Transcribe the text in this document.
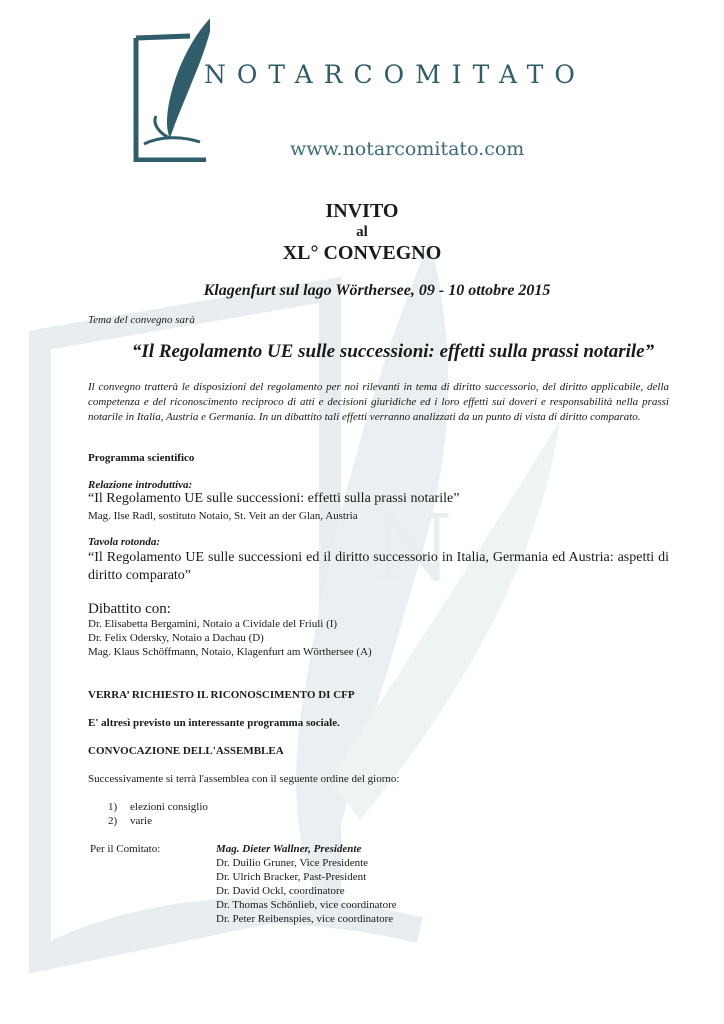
N
NOTARCOMITATO
www.notarcomitato.com
INVITO
al
XL° CONVEGNO
Klagenfurt sul lago Wörthersee, 09 - 10 ottobre 2015
Tema del convegno sarà
“Il Regolamento UE sulle successioni: effetti sulla prassi notarile”
Il convegno tratterà le disposizioni del regolamento per noi rilevanti in tema di diritto successorio, del diritto applicabile, della competenza e del riconoscimento reciproco di atti e decisioni giuridiche ed i loro effetti sui doveri e responsabilità nella prassi notarile in Italia, Austria e Germania. In un dibattito tali effetti verranno analizzati da un punto di vista di diritto comparato.
Programma scientifico
Relazione introduttiva:
“Il Regolamento UE sulle successioni: effetti sulla prassi notarile”
Mag. Ilse Radl, sostituto Notaio, St. Veit an der Glan, Austria
Tavola rotonda:
“Il Regolamento UE sulle successioni ed il diritto successorio in Italia, Germania ed Austria: aspetti di diritto comparato”
Dibattito con:
Dr. Elisabetta Bergamini, Notaio a Cividale del Friuli (I)
Dr. Felix Odersky, Notaio a Dachau (D)
Mag. Klaus Schöffmann, Notaio, Klagenfurt am Wörthersee (A)
VERRA’ RICHIESTO IL RICONOSCIMENTO DI CFP
E' altresì previsto un interessante programma sociale.
CONVOCAZIONE DELL'ASSEMBLEA
Successivamente si terrà l'assemblea con il seguente ordine del giorno:
1) elezioni consiglio
2) varie
Per il Comitato:	Mag. Dieter Wallner, Presidente
Dr. Duilio Gruner, Vice Presidente
Dr. Ulrich Bracker, Past-President
Dr. David Ockl, coordinatore
Dr. Thomas Schönlieb, vice coordinatore
Dr. Peter Reibenspies, vice coordinatore
